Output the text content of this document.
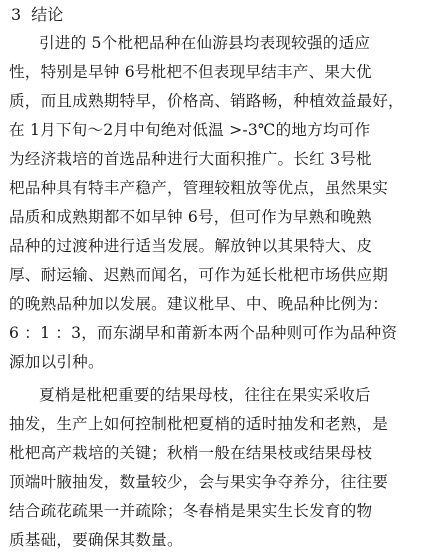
3 结论

引进的 5个枇杷品种在仙游县均表现较强的适应
性，特别是早钟 6号枇杷不但表现早结丰产、果大优
质，而且成熟期特早，价格高、销路畅，种植效益最好，
在 1月下旬～2月中旬绝对低温 >-3℃的地方均可作
为经济栽培的首选品种进行大面积推广。长红 3号枇
杷品种具有特丰产稳产，管理较粗放等优点，虽然果实
品质和成熟期都不如早钟 6号，但可作为早熟和晚熟
品种的过渡种进行适当发展。解放钟以其果特大、皮
厚、耐运输、迟熟而闻名，可作为延长枇杷市场供应期
的晚熟品种加以发展。建议枇早、中、晚品种比例为：
6 ：1 ：3，而东湖早和莆新本两个品种则可作为品种资
源加以引种。

夏梢是枇杷重要的结果母枝，往往在果实采收后
抽发，生产上如何控制枇杷夏梢的适时抽发和老熟，是
枇杷高产栽培的关键；秋梢一般在结果枝或结果母枝
顶端叶腋抽发，数量较少，会与果实争夺养分，往往要
结合疏花疏果一并疏除；冬春梢是果实生长发育的物
质基础，要确保其数量。
